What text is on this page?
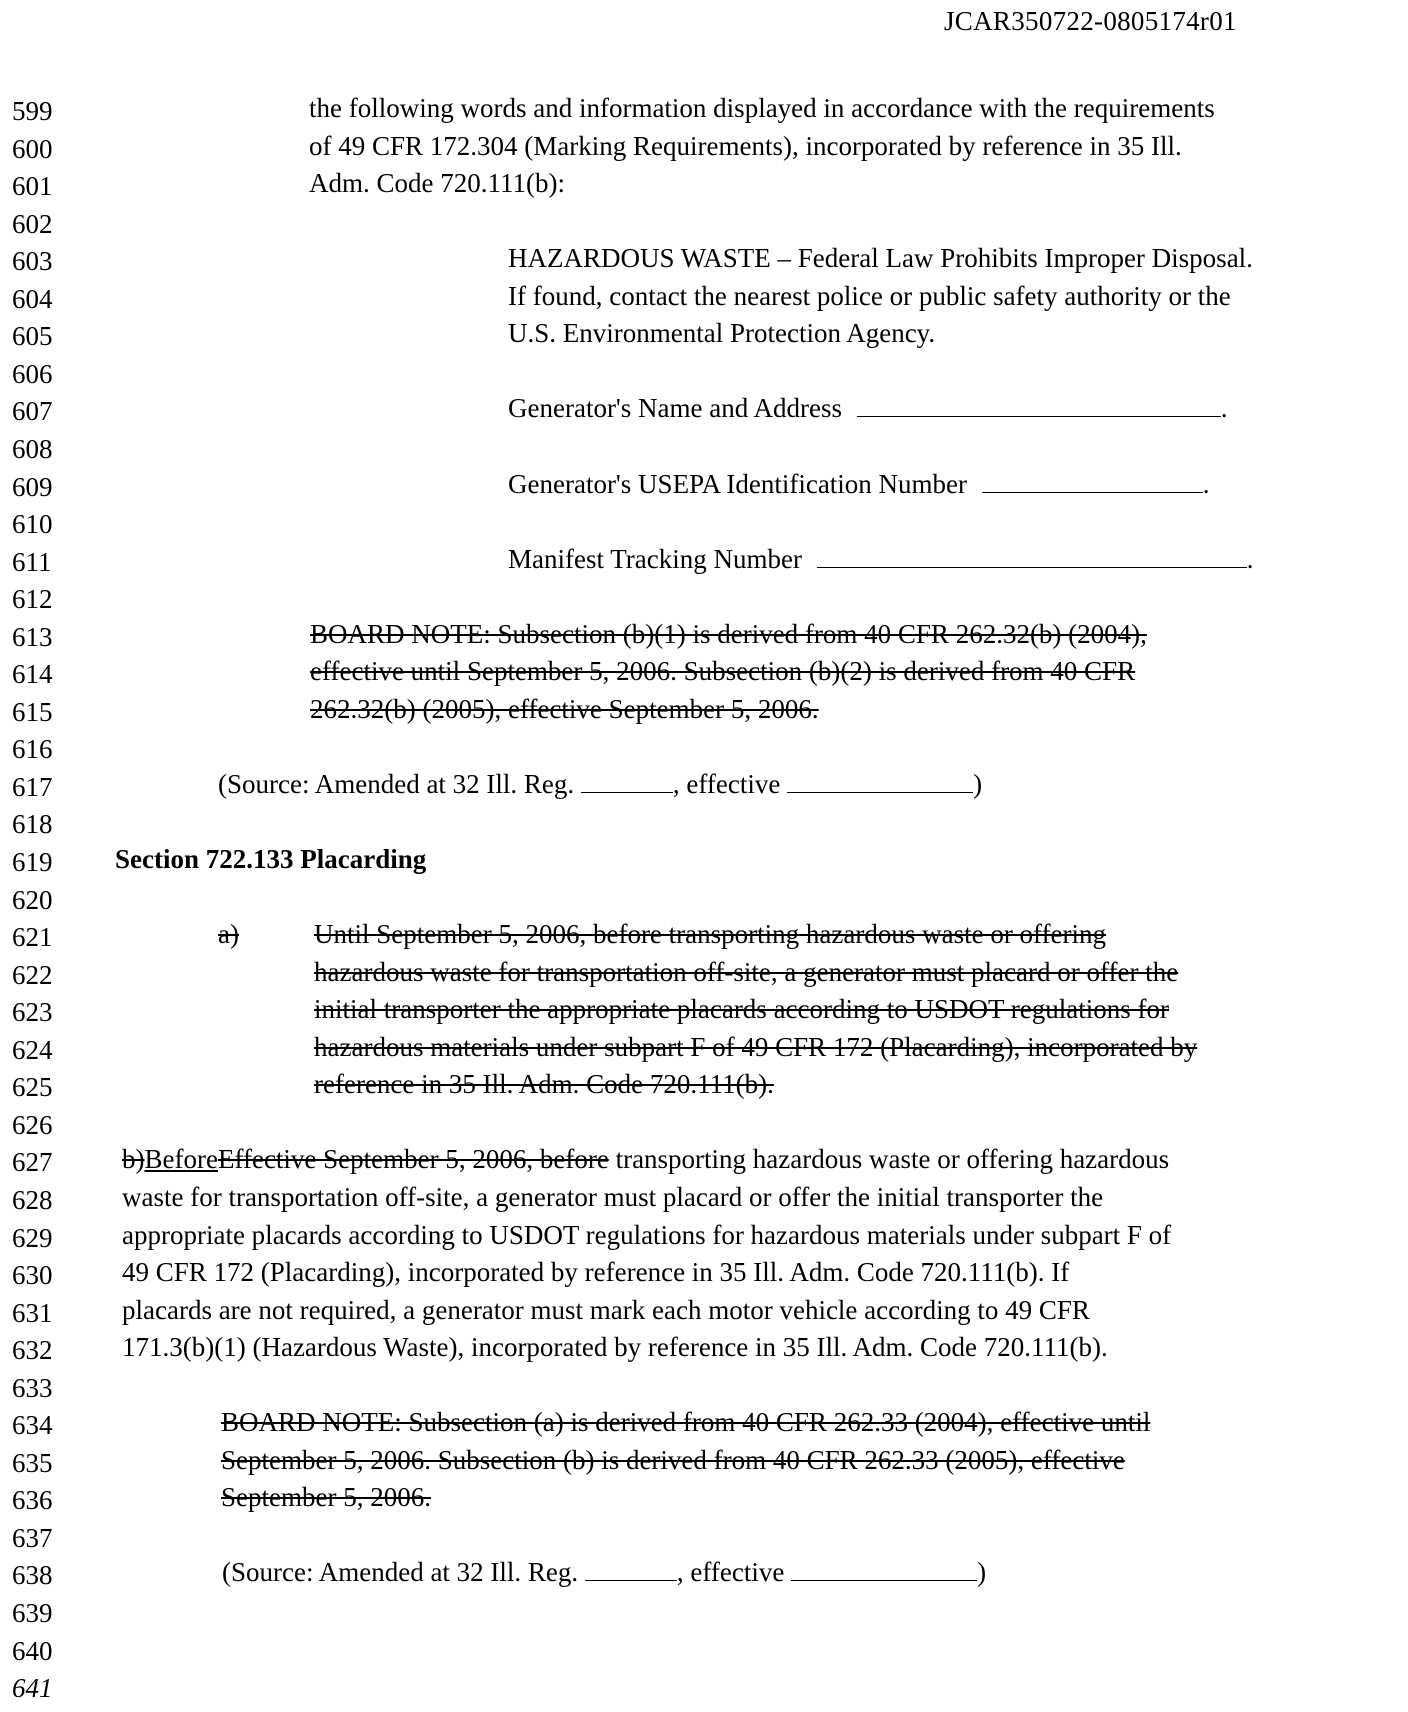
JCAR350722-0805174r01
599
600
601
602
603
604
605
606
607
608
609
610
611
612
613
614
615
616
617
618
619
620
621
622
623
624
625
626
627
628
629
630
631
632
633
634
635
636
637
638
639
640
641
the following words and information displayed in accordance with the requirements
of 49 CFR 172.304 (Marking Requirements), incorporated by reference in 35 Ill.
Adm. Code 720.111(b):
HAZARDOUS WASTE – Federal Law Prohibits Improper Disposal.
If found, contact the nearest police or public safety authority or the
U.S. Environmental Protection Agency.
Generator's Name and Address	.
Generator's USEPA Identification Number	.
Manifest Tracking Number	.
BOARD NOTE: Subsection (b)(1) is derived from 40 CFR 262.32(b) (2004),
effective until September 5, 2006. Subsection (b)(2) is derived from 40 CFR
262.32(b) (2005), effective September 5, 2006.
(Source: Amended at 32 Ill. Reg.	, effective	)
Section 722.133 Placarding
a)	Until September 5, 2006, before transporting hazardous waste or offering
hazardous waste for transportation off-site, a generator must placard or offer the
initial transporter the appropriate placards according to USDOT regulations for
hazardous materials under subpart F of 49 CFR 172 (Placarding), incorporated by
reference in 35 Ill. Adm. Code 720.111(b).
b)BeforeEffective September 5, 2006, before transporting hazardous waste or offering hazardous
waste for transportation off-site, a generator must placard or offer the initial transporter the
appropriate placards according to USDOT regulations for hazardous materials under subpart F of
49 CFR 172 (Placarding), incorporated by reference in 35 Ill. Adm. Code 720.111(b). If
placards are not required, a generator must mark each motor vehicle according to 49 CFR
171.3(b)(1) (Hazardous Waste), incorporated by reference in 35 Ill. Adm. Code 720.111(b).
BOARD NOTE: Subsection (a) is derived from 40 CFR 262.33 (2004), effective until
September 5, 2006. Subsection (b) is derived from 40 CFR 262.33 (2005), effective
September 5, 2006.
(Source: Amended at 32 Ill. Reg.	, effective	)
